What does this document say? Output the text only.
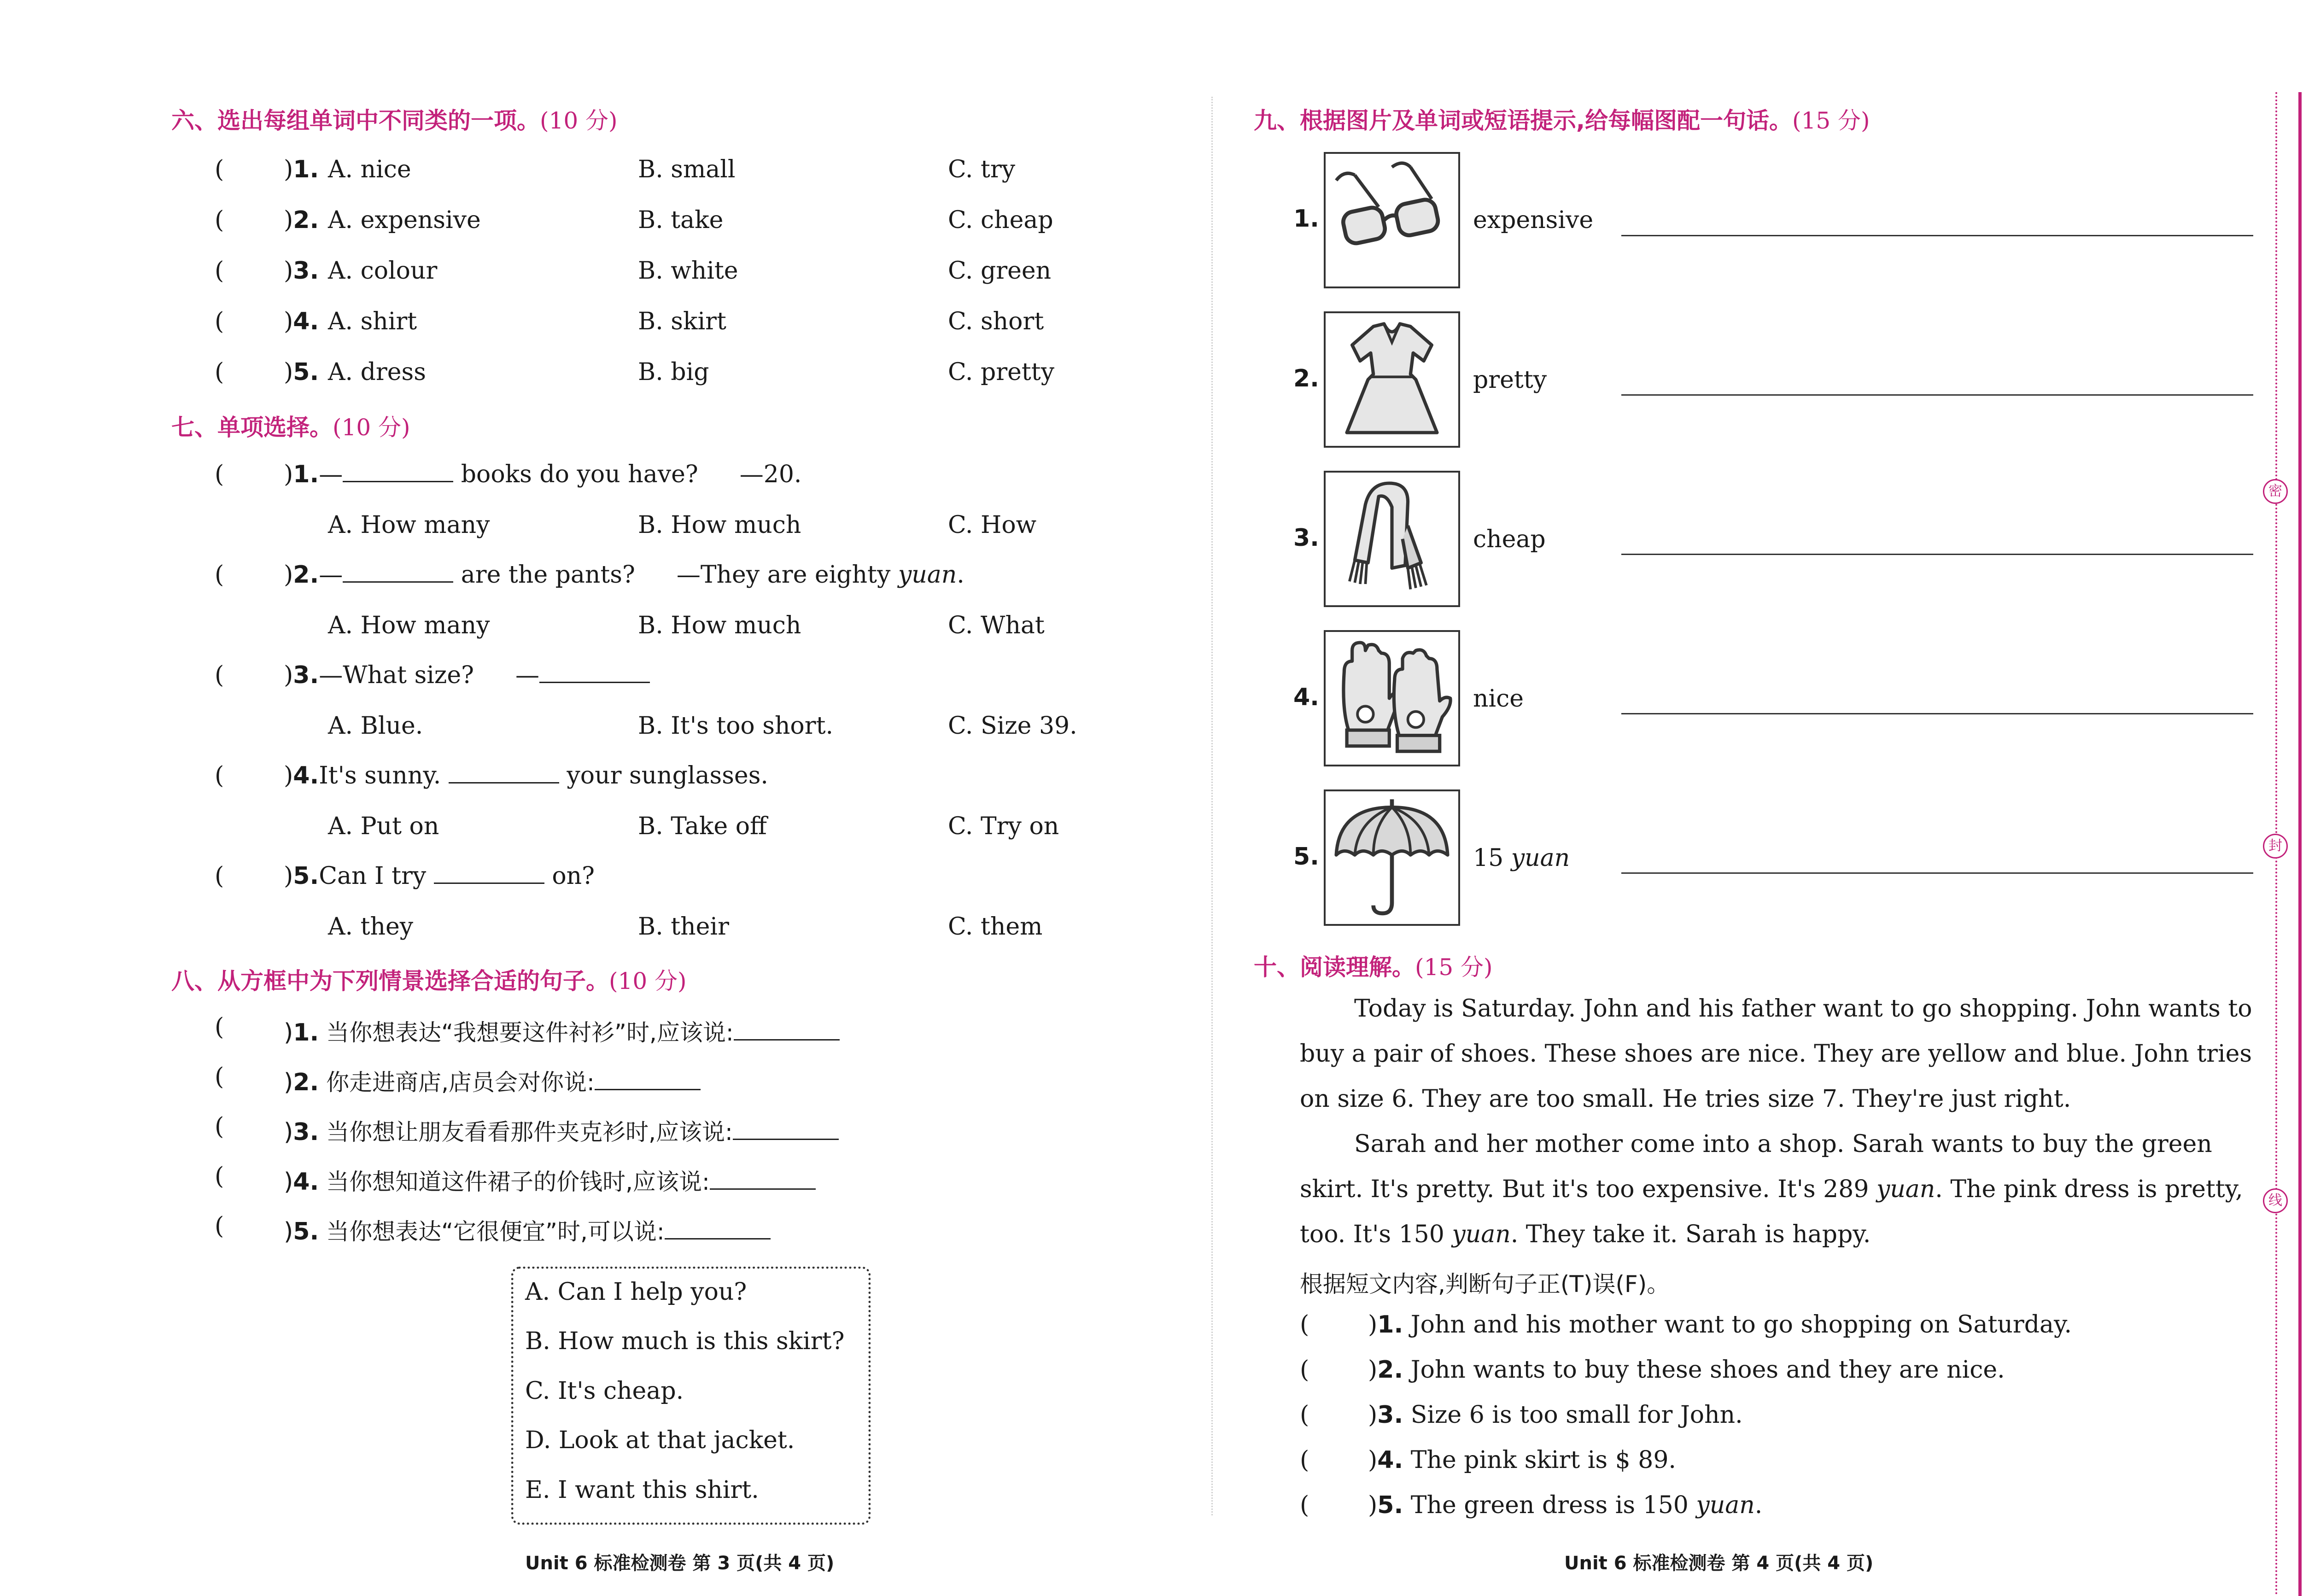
六、选出每组单词中不同类的一项。(10 分)
( )1. A. nice	B. small	C. try
( )2. A. expensive	B. take	C. cheap
( )3. A. colour	B. white	C. green
( )4. A. shirt	B. skirt	C. short
( )5. A. dress	B. big	C. pretty
七、单项选择。(10 分)
( )1.—	books do you have? —20.
A. How many	B. How much	C. How
( )2.—	are the pants? —They are eighty yuan.
A. How many	B. How much	C. What
( )3.—What size? —
A. Blue.	B. It's too short.	C. Size 39.
( )4.It's sunny.	your sunglasses.
A. Put on	B. Take off	C. Try on
( )5.Can I try	on?
A. they	B. their	C. them
八、从方框中为下列情景选择合适的句子。(10 分)
( )1. 当你想表达“我想要这件衬衫”时,应该说:
( )2. 你走进商店,店员会对你说:
( )3. 当你想让朋友看看那件夹克衫时,应该说:
( )4. 当你想知道这件裙子的价钱时,应该说:
( )5. 当你想表达“它很便宜”时,可以说:
A. Can I help you?
B. How much is this skirt?
C. It's cheap.
D. Look at that jacket.
E. I want this shirt.
Unit 6 标准检测卷 第 3 页(共 4 页)
九、根据图片及单词或短语提示,给每幅图配一句话。(15 分)
1.	expensive
2.	pretty
3.	cheap
4.	nice
5.	15 yuan
十、阅读理解。(15 分)
Today is Saturday. John and his father want to go shopping. John wants to
buy a pair of shoes. These shoes are nice. They are yellow and blue. John tries
on size 6. They are too small. He tries size 7. They're just right.
Sarah and her mother come into a shop. Sarah wants to buy the green
skirt. It's pretty. But it's too expensive. It's 289 yuan. The pink dress is pretty,
too. It's 150 yuan. They take it. Sarah is happy.
根据短文内容,判断句子正(T)误(F)。
( )1. John and his mother want to go shopping on Saturday.
( )2. John wants to buy these shoes and they are nice.
( )3. Size 6 is too small for John.
( )4. The pink skirt is $ 89.
( )5. The green dress is 150 yuan.
Unit 6 标准检测卷 第 4 页(共 4 页)
密
封
线
